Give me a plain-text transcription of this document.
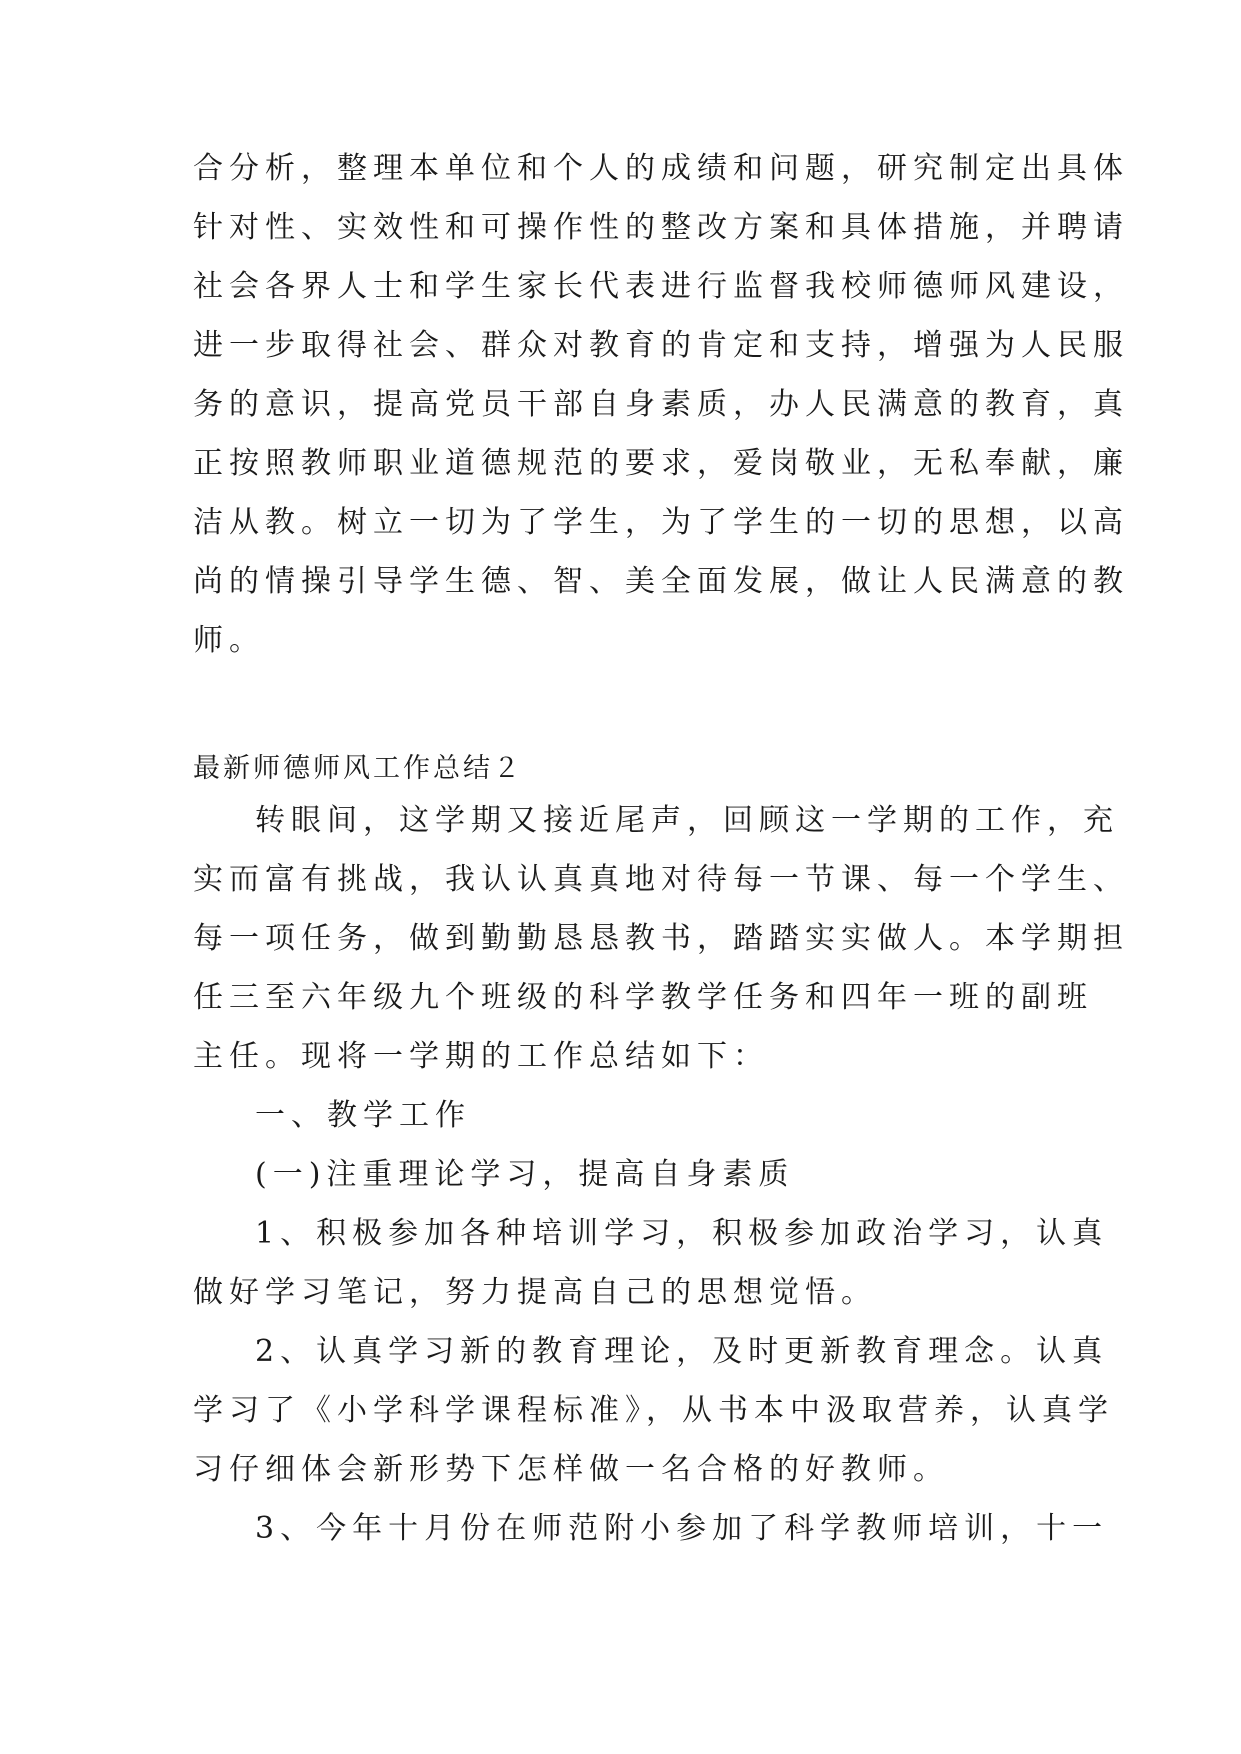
合分析，整理本单位和个人的成绩和问题，研究制定出具体
针对性、实效性和可操作性的整改方案和具体措施，并聘请
社会各界人士和学生家长代表进行监督我校师德师风建设，
进一步取得社会、群众对教育的肯定和支持，增强为人民服
务的意识，提高党员干部自身素质，办人民满意的教育，真
正按照教师职业道德规范的要求，爱岗敬业，无私奉献，廉
洁从教。树立一切为了学生，为了学生的一切的思想，以高
尚的情操引导学生德、智、美全面发展，做让人民满意的教
师。
最新师德师风工作总结２
转眼间，这学期又接近尾声，回顾这一学期的工作，充
实而富有挑战，我认认真真地对待每一节课、每一个学生、
每一项任务，做到勤勤恳恳教书，踏踏实实做人。本学期担
任三至六年级九个班级的科学教学任务和四年一班的副班
主任。现将一学期的工作总结如下：
一、教学工作
(一)注重理论学习，提高自身素质
1、积极参加各种培训学习，积极参加政治学习，认真
做好学习笔记，努力提高自己的思想觉悟。
2、认真学习新的教育理论，及时更新教育理念。认真
学习了《小学科学课程标准》，从书本中汲取营养，认真学
习仔细体会新形势下怎样做一名合格的好教师。
3、今年十月份在师范附小参加了科学教师培训，十一
